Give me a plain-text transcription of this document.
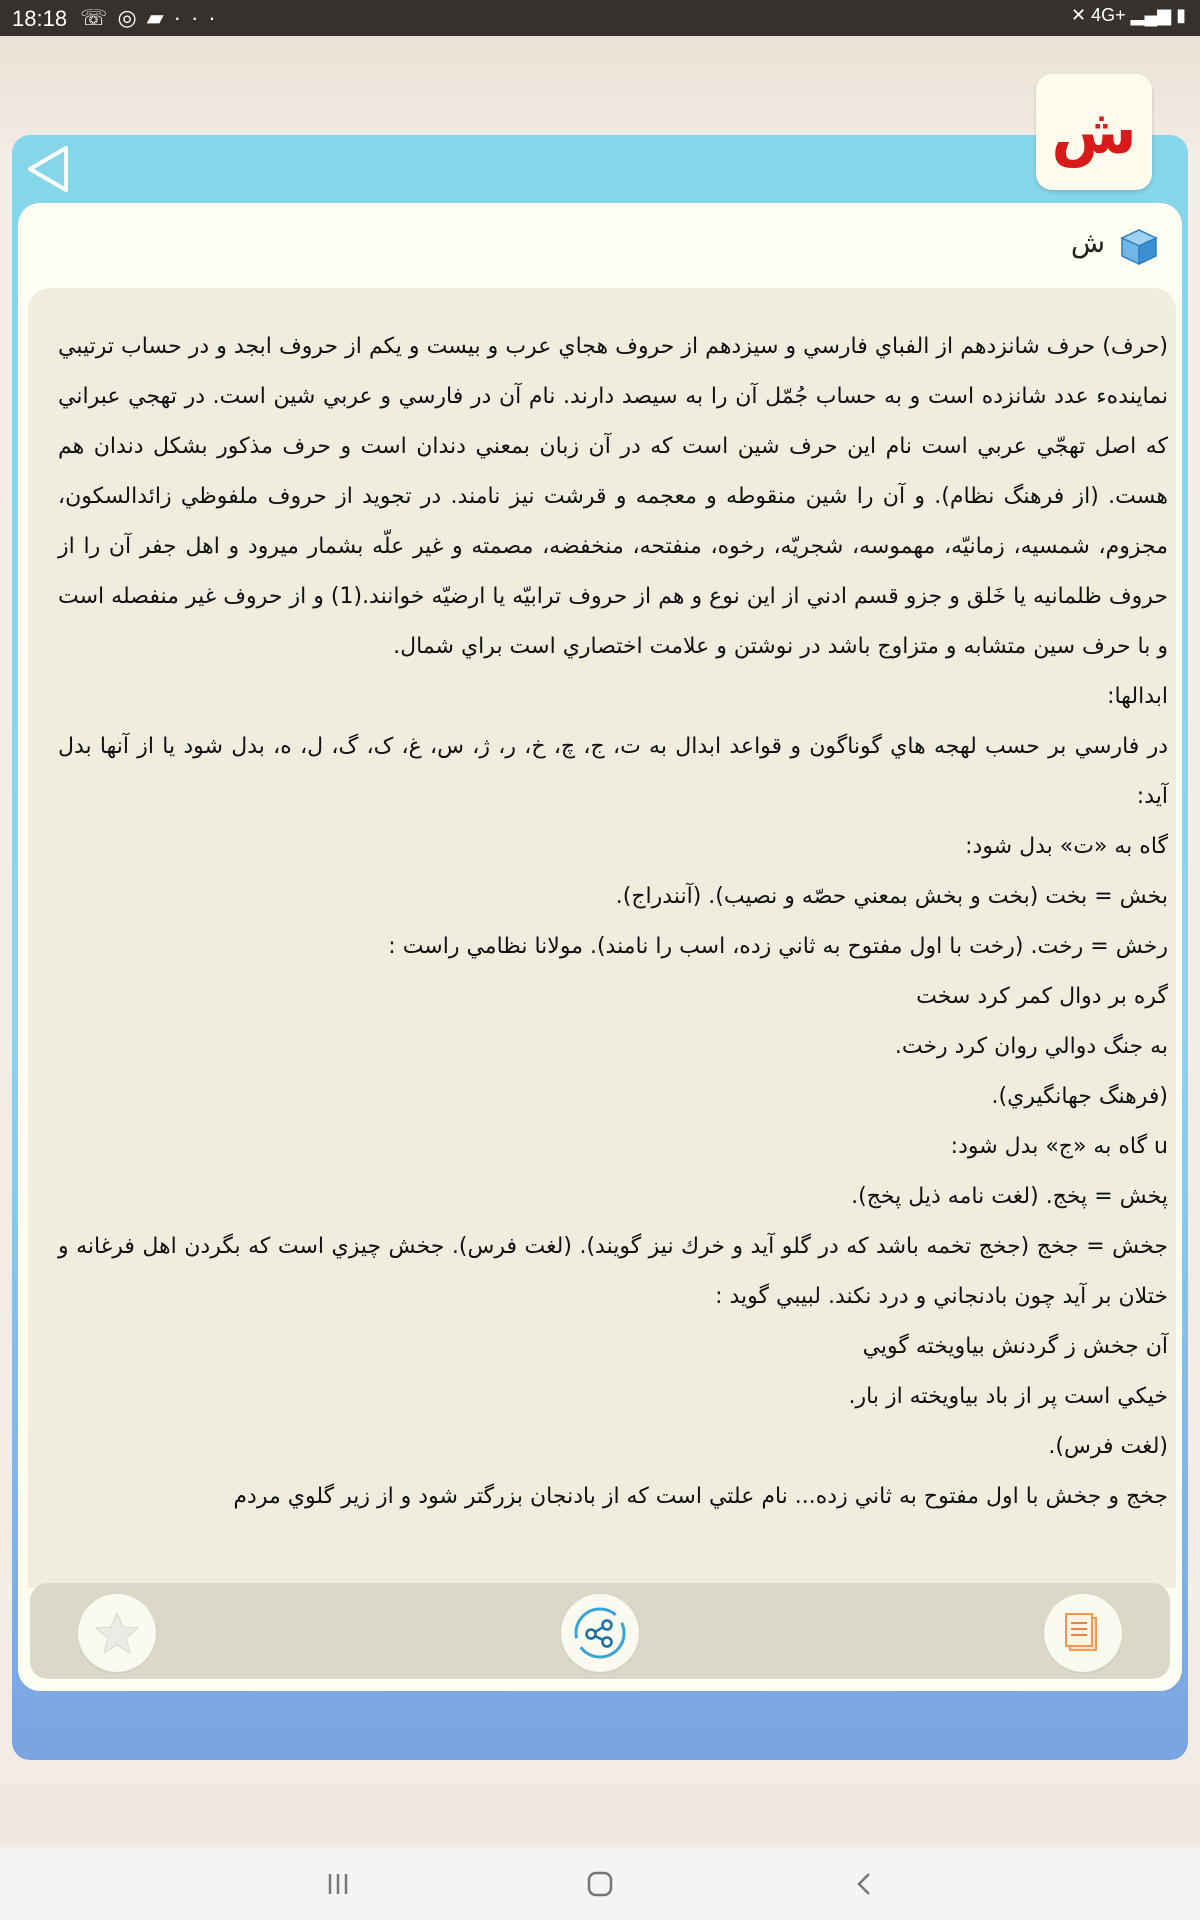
18:18 ☏◎▰···	✕ 4G+ ▂▄▆ ▮
ش
ش

(حرف) حرف شانزدهم از الفباي فارسي و سيزدهم از حروف هجاي عرب و بيست و يكم از حروف ابجد و در حساب ترتيبي نمايندهء عدد شانزده است و به حساب جُمّل آن را به سيصد دارند. نام آن در فارسي و عربي شين است. در تهجي عبراني كه اصل تهجّي عربي است نام اين حرف شين است كه در آن زبان بمعني دندان است و حرف مذكور بشكل دندان هم هست. (از فرهنگ نظام). و آن را شين منقوطه و معجمه و قرشت نيز نامند. در تجويد از حروف ملفوظي زائدالسكون، مجزوم، شمسيه، زمانيّه، مهموسه، شجريّه، رخوه، منفتحه، منخفضه، مصمته و غير علّه بشمار ميرود و اهل جفر آن را از حروف ظلمانيه يا خَلق و جزو قسم ادني از اين نوع و هم از حروف ترابيّه يا ارضيّه خوانند.(1) و از حروف غير منفصله است و با حرف سين متشابه و متزاوج باشد در نوشتن و علامت اختصاري است براي شمال.

ابدالها:

در فارسي بر حسب لهجه هاي گوناگون و قواعد ابدال به ت، ج، چ، خ، ر، ژ، س، غ، ک، گ، ل، ه، بدل شود يا از آنها بدل آيد:

گاه به «ت» بدل شود:

بخش = بخت (بخت و بخش بمعني حصّه و نصيب). (آنندراج).

رخش = رخت. (رخت با اول مفتوح به ثاني زده، اسب را نامند). مولانا نظامي راست :

گره بر دوال كمر كرد سخت

به جنگ دوالي روان كرد رخت.

(فرهنگ جهانگيري).

u گاه به «ج» بدل شود:

پخش = پخج. (لغت نامه ذيل پخج).

جخش = جخج (جخج تخمه باشد كه در گلو آيد و خرك نيز گويند). (لغت فرس). جخش چيزي است كه بگردن اهل فرغانه و ختلان بر آيد چون بادنجاني و درد نكند. لبيبي گويد :

آن جخش ز گردنش بياويخته گويي

خيكي است پر از باد بياويخته از بار.

(لغت فرس).

جخج و جخش با اول مفتوح به ثاني زده... نام علتي است كه از بادنجان بزرگتر شود و از زير گلوي مردم
